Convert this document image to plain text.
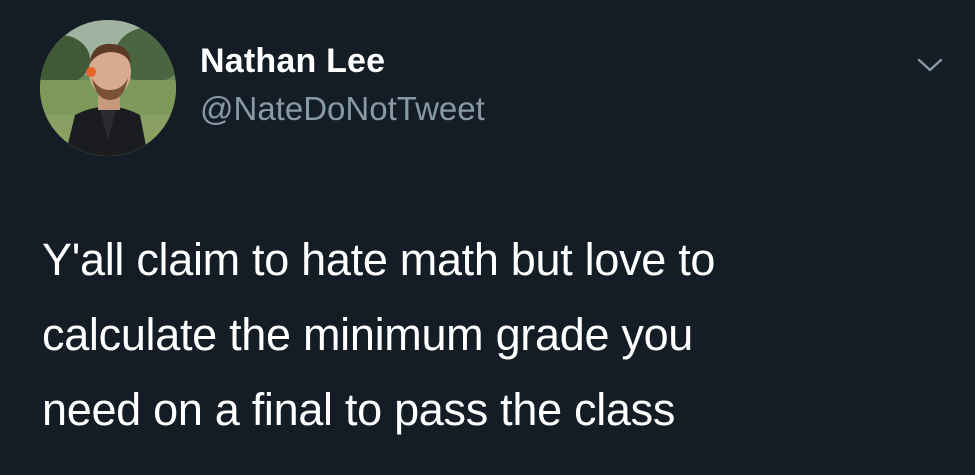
Nathan Lee
@NateDoNotTweet
Y'all claim to hate math but love to
calculate the minimum grade you
need on a final to pass the class
